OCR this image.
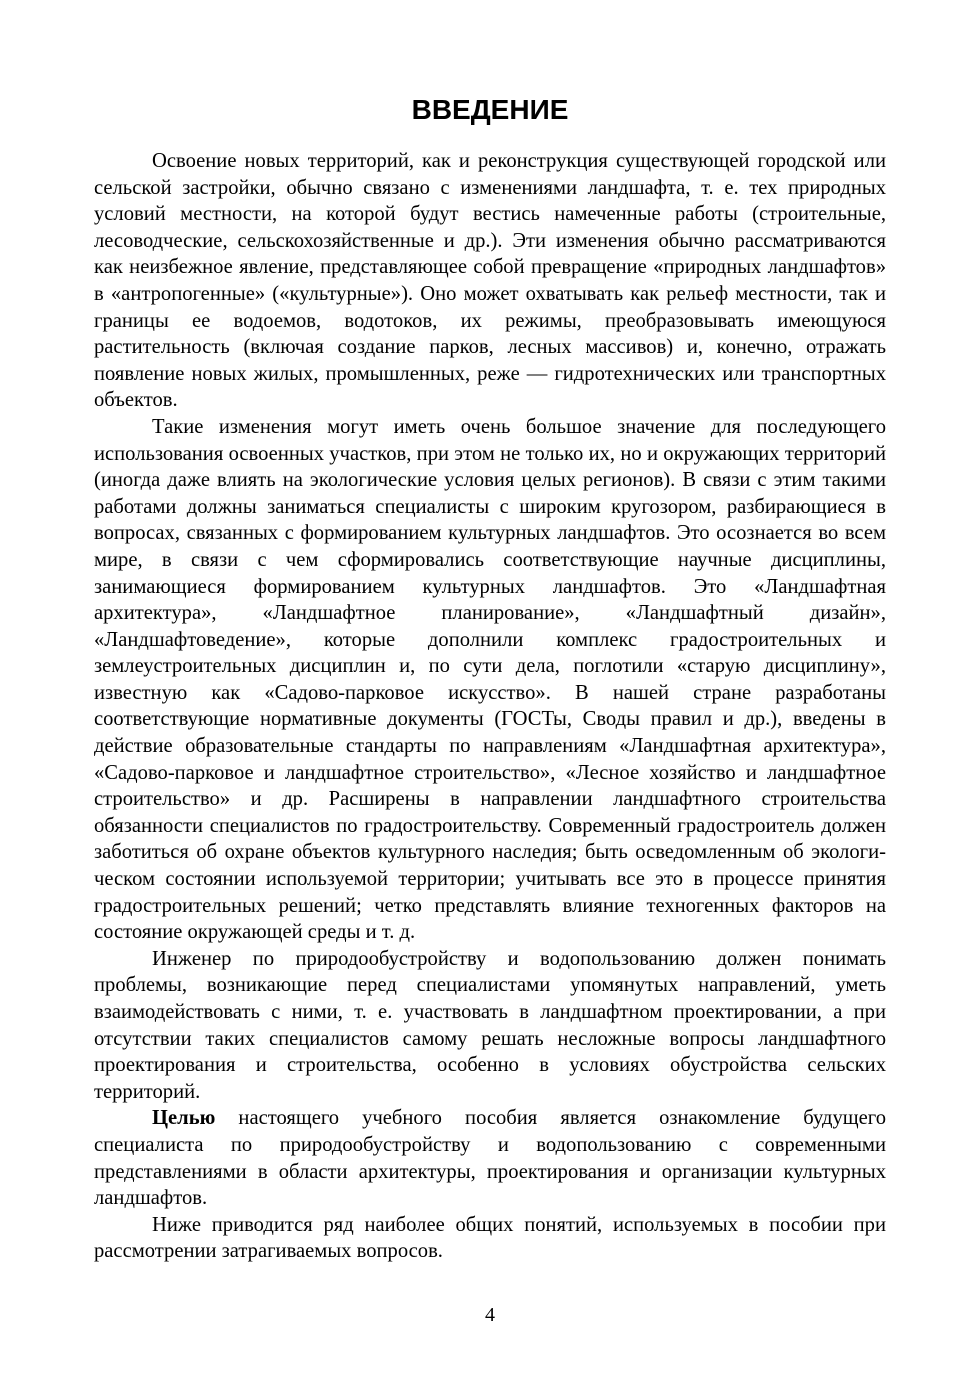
ВВЕДЕНИЕ

Освоение новых территорий, как и реконструкция существующей городской или сельской застройки, обычно связано с изменениями ландшафта, т. е. тех природных условий местности, на которой будут вестись намеченные работы (строительные, лесоводческие, сельскохозяйственные и др.). Эти изменения обычно рассматриваются как неизбежное явление, представляющее собой превращение «природных ландшафтов» в «антропогенные» («культурные»). Оно может охватывать как рельеф местности, так и границы ее водоемов, водотоков, их режимы, преобразовывать имеющуюся растительность (включая создание парков, лесных массивов) и, конечно, отражать появление новых жилых, промышленных, реже — гидротехнических или транспортных объектов.

Такие изменения могут иметь очень большое значение для последующего использования освоенных участков, при этом не только их, но и окружающих территорий (иногда даже влиять на экологические условия целых регионов). В связи с этим такими работами должны заниматься специалисты с широким кругозором, разбирающиеся в вопросах, связанных с формированием культурных ландшафтов. Это осознается во всем мире, в связи с чем сформировались соответствующие научные дисциплины, занимающиеся формированием культурных ландшафтов. Это «Ландшафтная архитектура», «Ландшафтное планирование», «Ландшафтный дизайн», «Ландшафтоведение», которые дополнили комплекс градостроительных и землеустроительных дисциплин и, по сути дела, поглотили «старую дисциплину», известную как «Садово-парковое искусство». В нашей стране разработаны соответствующие нормативные документы (ГОСТы, Своды правил и др.), введены в действие образовательные стандарты по направлениям «Ландшафтная архитектура», «Садово-парковое и ландшафтное строительство», «Лесное хозяйство и ландшафтное строительство» и др. Расширены в направлении ландшафтного строительства обязанности специалистов по градостроительству. Современный градостроитель должен заботиться об охране объектов культурного наследия; быть осведомленным об экологическом состоянии используемой территории; учитывать все это в процессе принятия градостроительных решений; четко представлять влияние техногенных факторов на состояние окружающей среды и т. д.

Инженер по природообустройству и водопользованию должен понимать проблемы, возникающие перед специалистами упомянутых направлений, уметь взаимодействовать с ними, т. е. участвовать в ландшафтном проектировании, а при отсутствии таких специалистов самому решать несложные вопросы ландшафтного проектирования и строительства, особенно в условиях обустройства сельских территорий.

Целью настоящего учебного пособия является ознакомление будущего специалиста по природообустройству и водопользованию с современными представлениями в области архитектуры, проектирования и организации культурных ландшафтов.

Ниже приводится ряд наиболее общих понятий, используемых в пособии при рассмотрении затрагиваемых вопросов.

4
